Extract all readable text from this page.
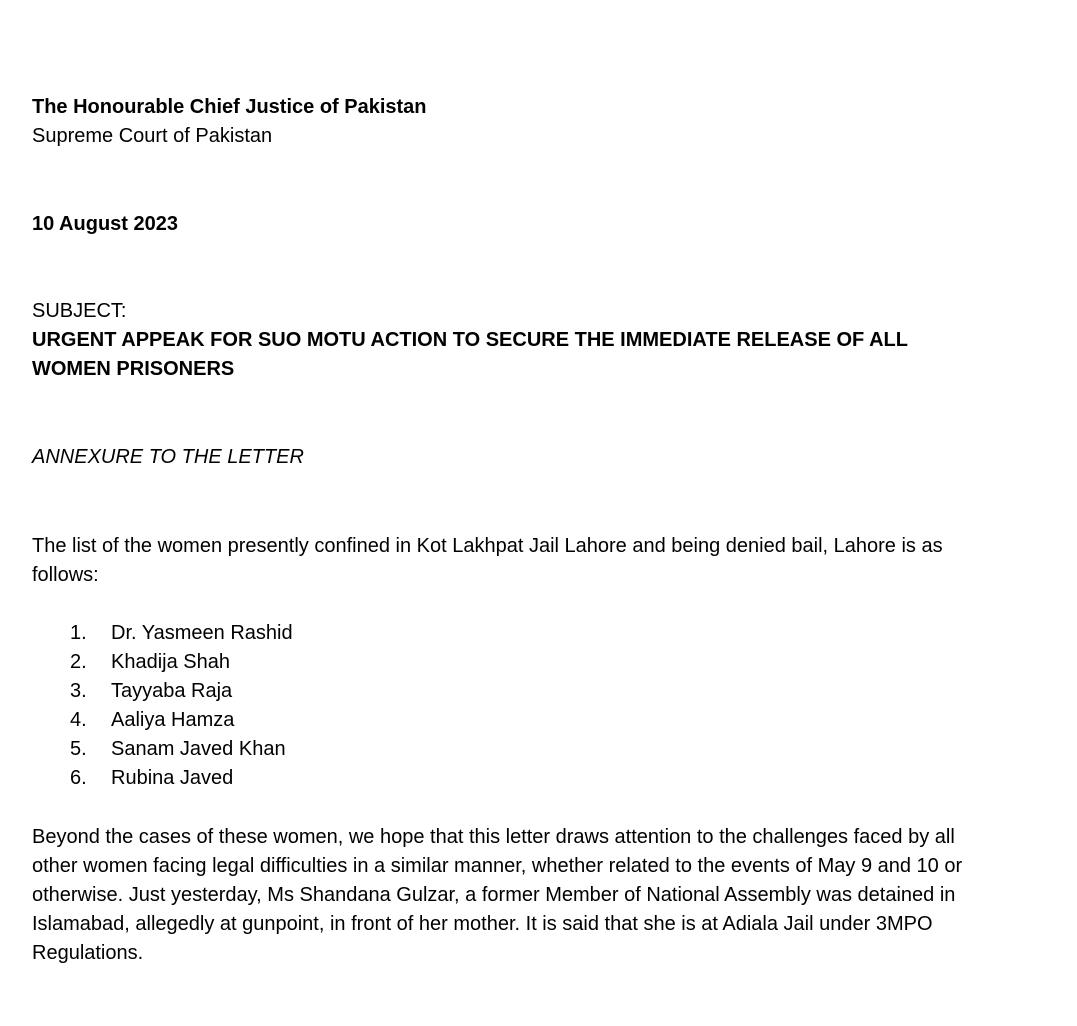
The Honourable Chief Justice of Pakistan
Supreme Court of Pakistan
10 August 2023
SUBJECT:
URGENT APPEAK FOR SUO MOTU ACTION TO SECURE THE IMMEDIATE RELEASE OF ALL
WOMEN PRISONERS
ANNEXURE TO THE LETTER
The list of the women presently confined in Kot Lakhpat Jail Lahore and being denied bail, Lahore is as
follows:
1.	Dr. Yasmeen Rashid
2.	Khadija Shah
3.	Tayyaba Raja
4.	Aaliya Hamza
5.	Sanam Javed Khan
6.	Rubina Javed
Beyond the cases of these women, we hope that this letter draws attention to the challenges faced by all
other women facing legal difficulties in a similar manner, whether related to the events of May 9 and 10 or
otherwise. Just yesterday, Ms Shandana Gulzar, a former Member of National Assembly was detained in
Islamabad, allegedly at gunpoint, in front of her mother. It is said that she is at Adiala Jail under 3MPO
Regulations.
